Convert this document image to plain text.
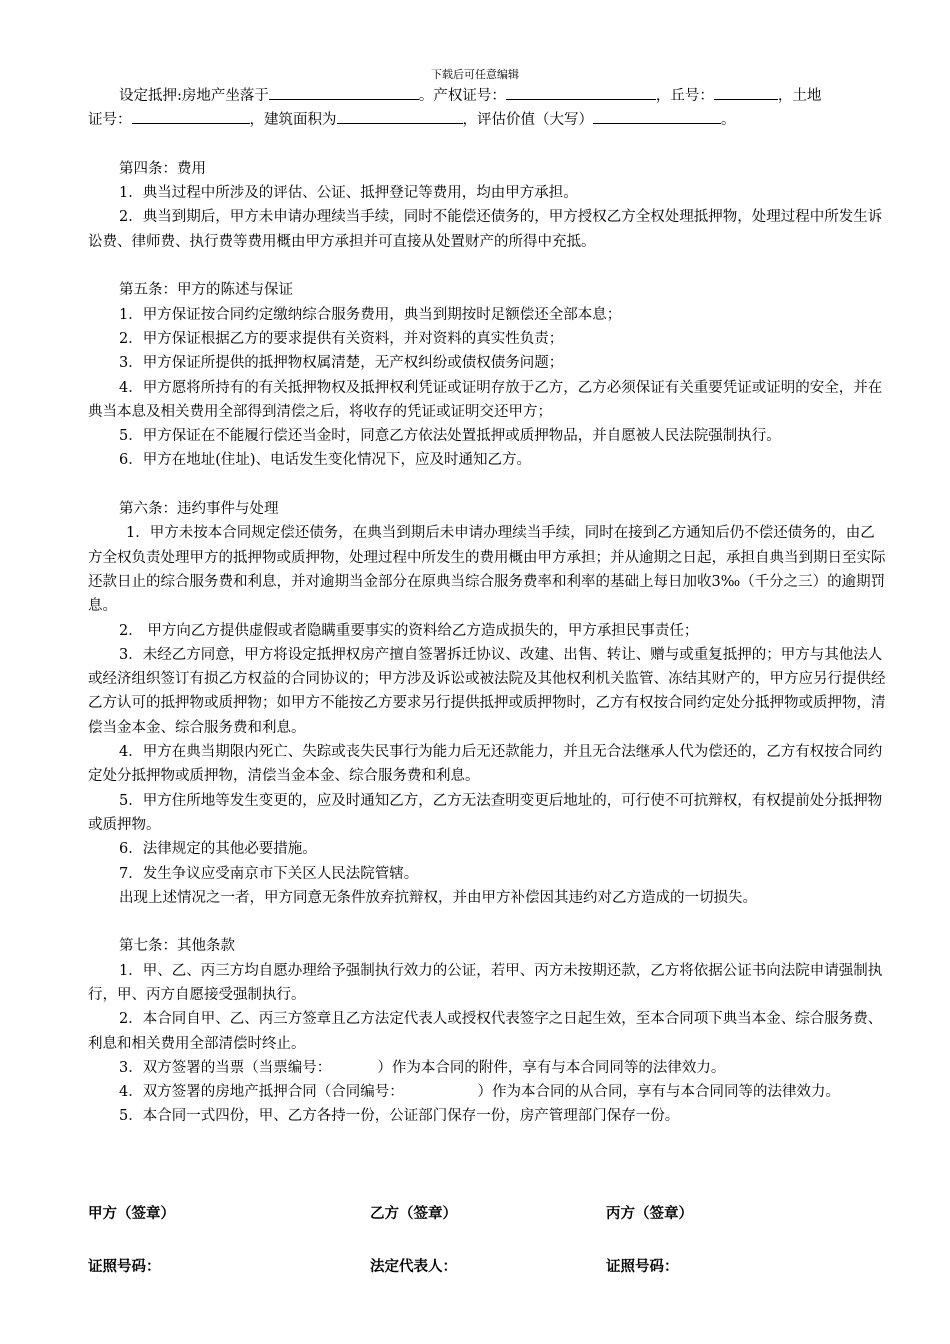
下载后可任意编辑

设定抵押:房地产坐落于	。产权证号：	，丘号：	，土地

证号：	，建筑面积为	，评估价值（大写）	。

第四条：费用

1．典当过程中所涉及的评估、公证、抵押登记等费用，均由甲方承担。

2．典当到期后，甲方未申请办理续当手续，同时不能偿还债务的，甲方授权乙方全权处理抵押物，处理过程中所发生诉讼费、律师费、执行费等费用概由甲方承担并可直接从处置财产的所得中充抵。

第五条：甲方的陈述与保证

1．甲方保证按合同约定缴纳综合服务费用，典当到期按时足额偿还全部本息；

2．甲方保证根据乙方的要求提供有关资料，并对资料的真实性负责；

3．甲方保证所提供的抵押物权属清楚，无产权纠纷或债权债务问题；

4．甲方愿将所持有的有关抵押物权及抵押权利凭证或证明存放于乙方，乙方必须保证有关重要凭证或证明的安全，并在典当本息及相关费用全部得到清偿之后，将收存的凭证或证明交还甲方；

5．甲方保证在不能履行偿还当金时，同意乙方依法处置抵押或质押物品，并自愿被人民法院强制执行。

6．甲方在地址(住址)、电话发生变化情况下，应及时通知乙方。

第六条：违约事件与处理

1．甲方未按本合同规定偿还债务，在典当到期后未申请办理续当手续，同时在接到乙方通知后仍不偿还债务的，由乙方全权负责处理甲方的抵押物或质押物，处理过程中所发生的费用概由甲方承担；并从逾期之日起，承担自典当到期日至实际还款日止的综合服务费和利息，并对逾期当金部分在原典当综合服务费率和利率的基础上每日加收3‰（千分之三）的逾期罚息。

2． 甲方向乙方提供虚假或者隐瞒重要事实的资料给乙方造成损失的，甲方承担民事责任；

3．未经乙方同意，甲方将设定抵押权房产擅自签署拆迁协议、改建、出售、转让、赠与或重复抵押的；甲方与其他法人或经济组织签订有损乙方权益的合同协议的；甲方涉及诉讼或被法院及其他权利机关监管、冻结其财产的，甲方应另行提供经乙方认可的抵押物或质押物；如甲方不能按乙方要求另行提供抵押或质押物时，乙方有权按合同约定处分抵押物或质押物，清偿当金本金、综合服务费和利息。

4．甲方在典当期限内死亡、失踪或丧失民事行为能力后无还款能力，并且无合法继承人代为偿还的，乙方有权按合同约定处分抵押物或质押物，清偿当金本金、综合服务费和利息。

5．甲方住所地等发生变更的，应及时通知乙方，乙方无法查明变更后地址的，可行使不可抗辩权，有权提前处分抵押物或质押物。

6．法律规定的其他必要措施。

7．发生争议应受南京市下关区人民法院管辖。

出现上述情况之一者，甲方同意无条件放弃抗辩权，并由甲方补偿因其违约对乙方造成的一切损失。

第七条：其他条款

1．甲、乙、丙三方均自愿办理给予强制执行效力的公证，若甲、丙方未按期还款，乙方将依据公证书向法院申请强制执行，甲、丙方自愿接受强制执行。

2．本合同自甲、乙、丙三方签章且乙方法定代表人或授权代表签字之日起生效，至本合同项下典当本金、综合服务费、利息和相关费用全部清偿时终止。

3．双方签署的当票（当票编号：          ）作为本合同的附件，享有与本合同同等的法律效力。

4．双方签署的房地产抵押合同（合同编号：                ）作为本合同的从合同，享有与本合同同等的法律效力。

5．本合同一式四份，甲、乙方各持一份，公证部门保存一份，房产管理部门保存一份。

甲方（签章）	乙方（签章）	丙方（签章）
证照号码：	法定代表人：	证照号码：
